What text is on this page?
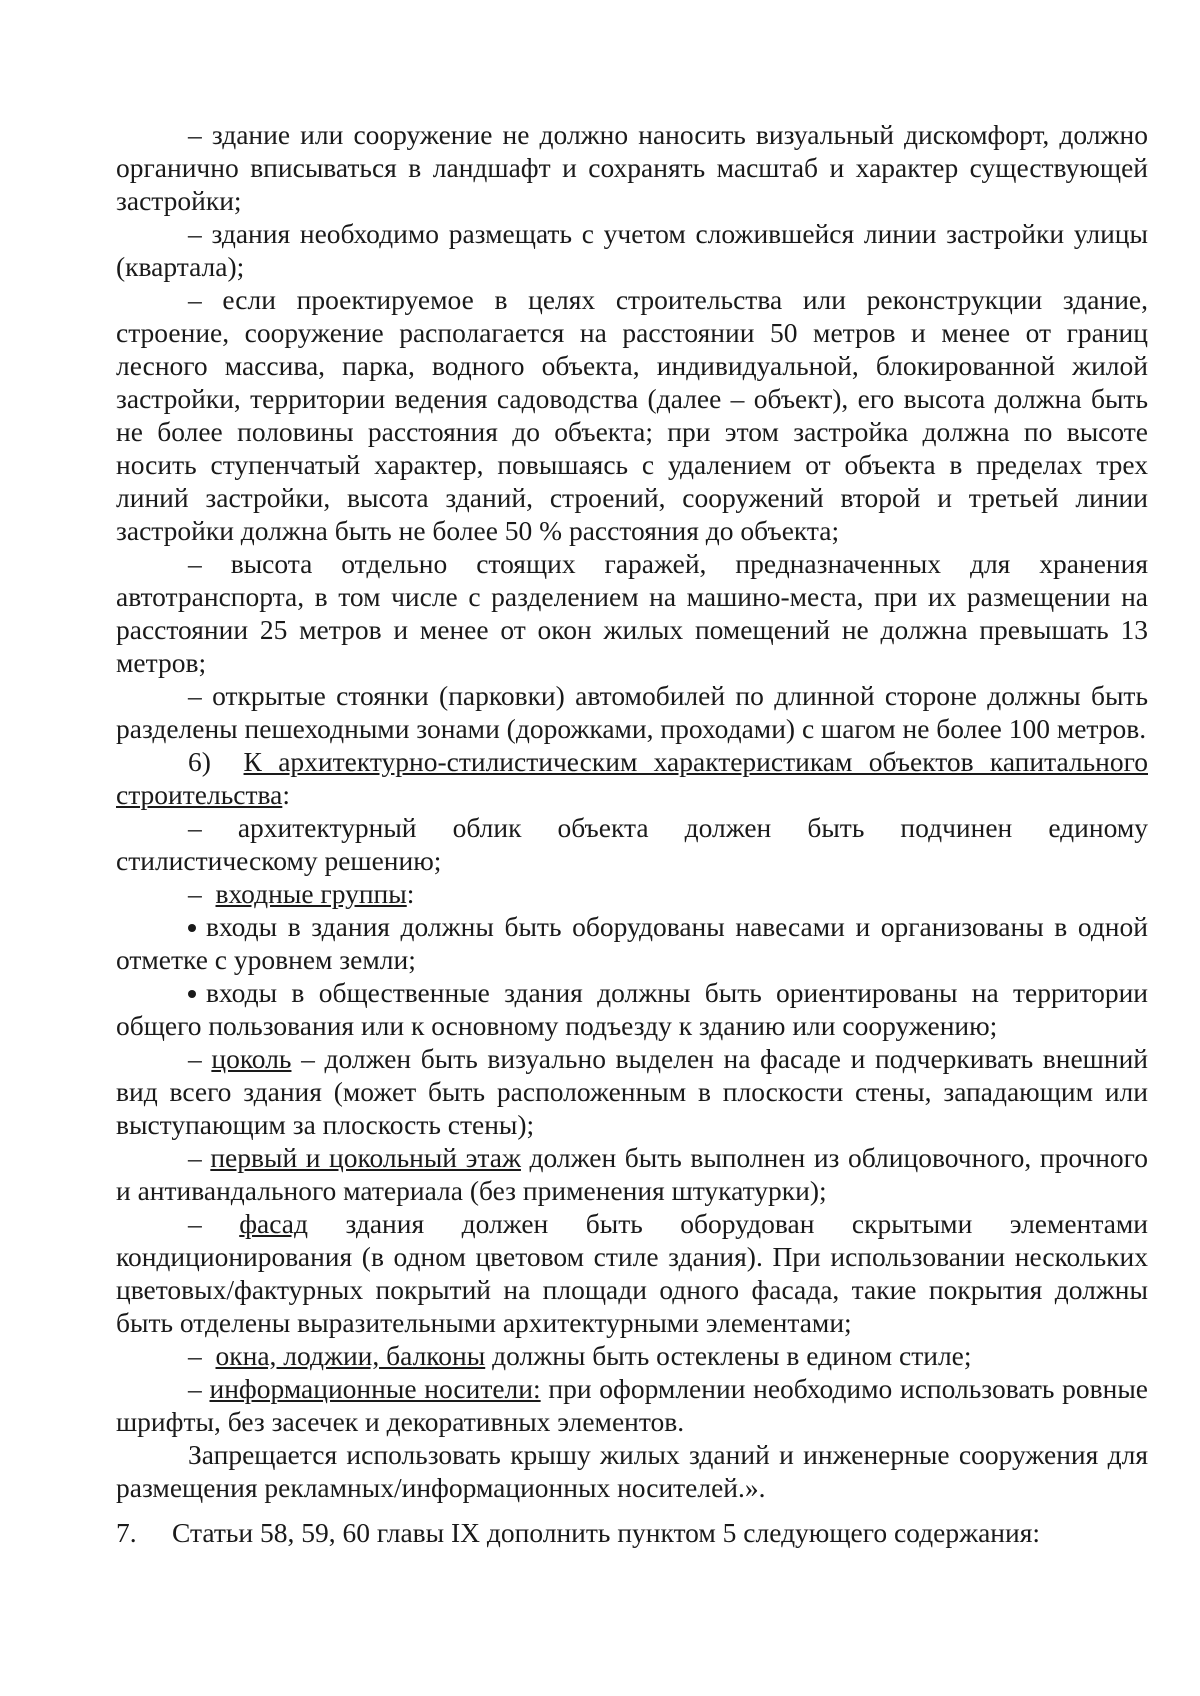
– здание или сооружение не должно наносить визуальный дискомфорт, должно органично вписываться в ландшафт и сохранять масштаб и характер существующей застройки;

– здания необходимо размещать с учетом сложившейся линии застройки улицы (квартала);

– если проектируемое в целях строительства или реконструкции здание, строение, сооружение располагается на расстоянии 50 метров и менее от границ лесного массива, парка, водного объекта, индивидуальной, блокированной жилой застройки, территории ведения садоводства (далее – объект), его высота должна быть не более половины расстояния до объекта; при этом застройка должна по высоте носить ступенчатый характер, повышаясь с удалением от объекта в пределах трех линий застройки, высота зданий, строений, сооружений второй и третьей линии застройки должна быть не более 50 % расстояния до объекта;

– высота отдельно стоящих гаражей, предназначенных для хранения автотранспорта, в том числе с разделением на машино-места, при их размещении на расстоянии 25 метров и менее от окон жилых помещений не должна превышать 13 метров;

– открытые стоянки (парковки) автомобилей по длинной стороне должны быть разделены пешеходными зонами (дорожками, проходами) с шагом не более 100 метров.

6) К архитектурно-стилистическим характеристикам объектов капитального строительства:

– архитектурный облик объекта должен быть подчинен единому стилистическому решению;

– входные группы:

входы в здания должны быть оборудованы навесами и организованы в одной отметке с уровнем земли;

входы в общественные здания должны быть ориентированы на территории общего пользования или к основному подъезду к зданию или сооружению;

– цоколь – должен быть визуально выделен на фасаде и подчеркивать внешний вид всего здания (может быть расположенным в плоскости стены, западающим или выступающим за плоскость стены);

– первый и цокольный этаж должен быть выполнен из облицовочного, прочного и антивандального материала (без применения штукатурки);

– фасад здания должен быть оборудован скрытыми элементами кондиционирования (в одном цветовом стиле здания). При использовании нескольких цветовых/фактурных покрытий на площади одного фасада, такие покрытия должны быть отделены выразительными архитектурными элементами;

– окна, лоджии, балконы должны быть остеклены в едином стиле;

– информационные носители: при оформлении необходимо использовать ровные шрифты, без засечек и декоративных элементов.

Запрещается использовать крышу жилых зданий и инженерные сооружения для размещения рекламных/информационных носителей.».

7. Статьи 58, 59, 60 главы IX дополнить пунктом 5 следующего содержания:
